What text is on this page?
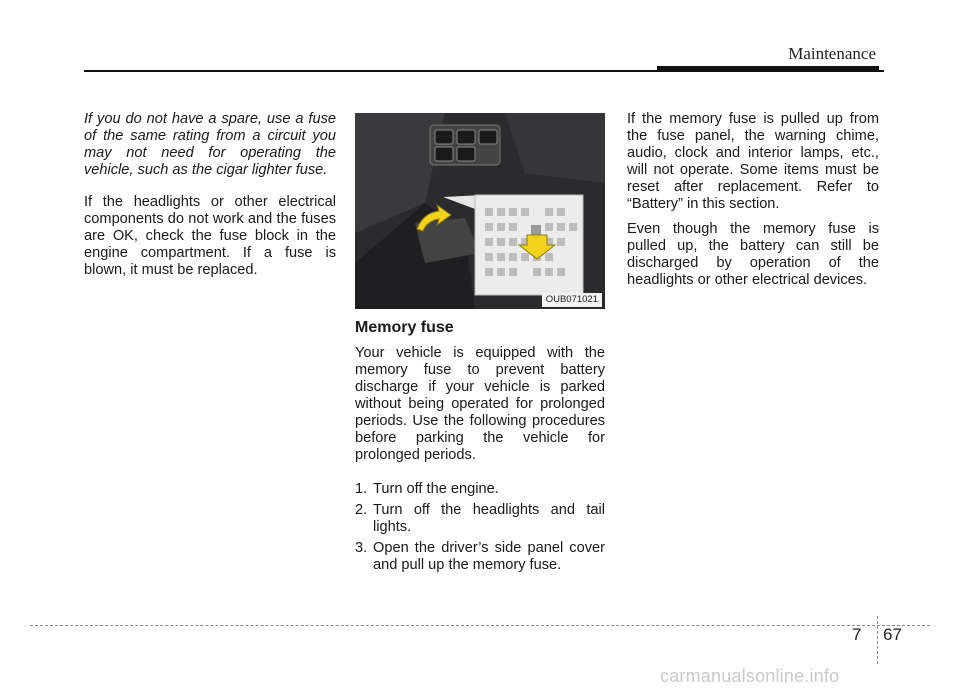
Maintenance

If you do not have a spare, use a fuse of the same rating from a circuit you may not need for operating the vehicle, such as the cigar lighter fuse.

If the headlights or other electrical components do not work and the fuses are OK, check the fuse block in the engine compartment. If a fuse is blown, it must be replaced.

OUB071021
Memory fuse

Your vehicle is equipped with the memory fuse to prevent battery discharge if your vehicle is parked without being operated for prolonged periods. Use the following procedures before parking the vehicle for prolonged periods.

1. Turn off the engine.
2. Turn off the headlights and tail lights.
3. Open the driver’s side panel cover and pull up the memory fuse.

If the memory fuse is pulled up from the fuse panel, the warning chime, audio, clock and interior lamps, etc., will not operate. Some items must be reset after replacement. Refer to “Battery” in this section.

Even though the memory fuse is pulled up, the battery can still be discharged by operation of the headlights or other electrical devices.

7 67
carmanualsonline.info
